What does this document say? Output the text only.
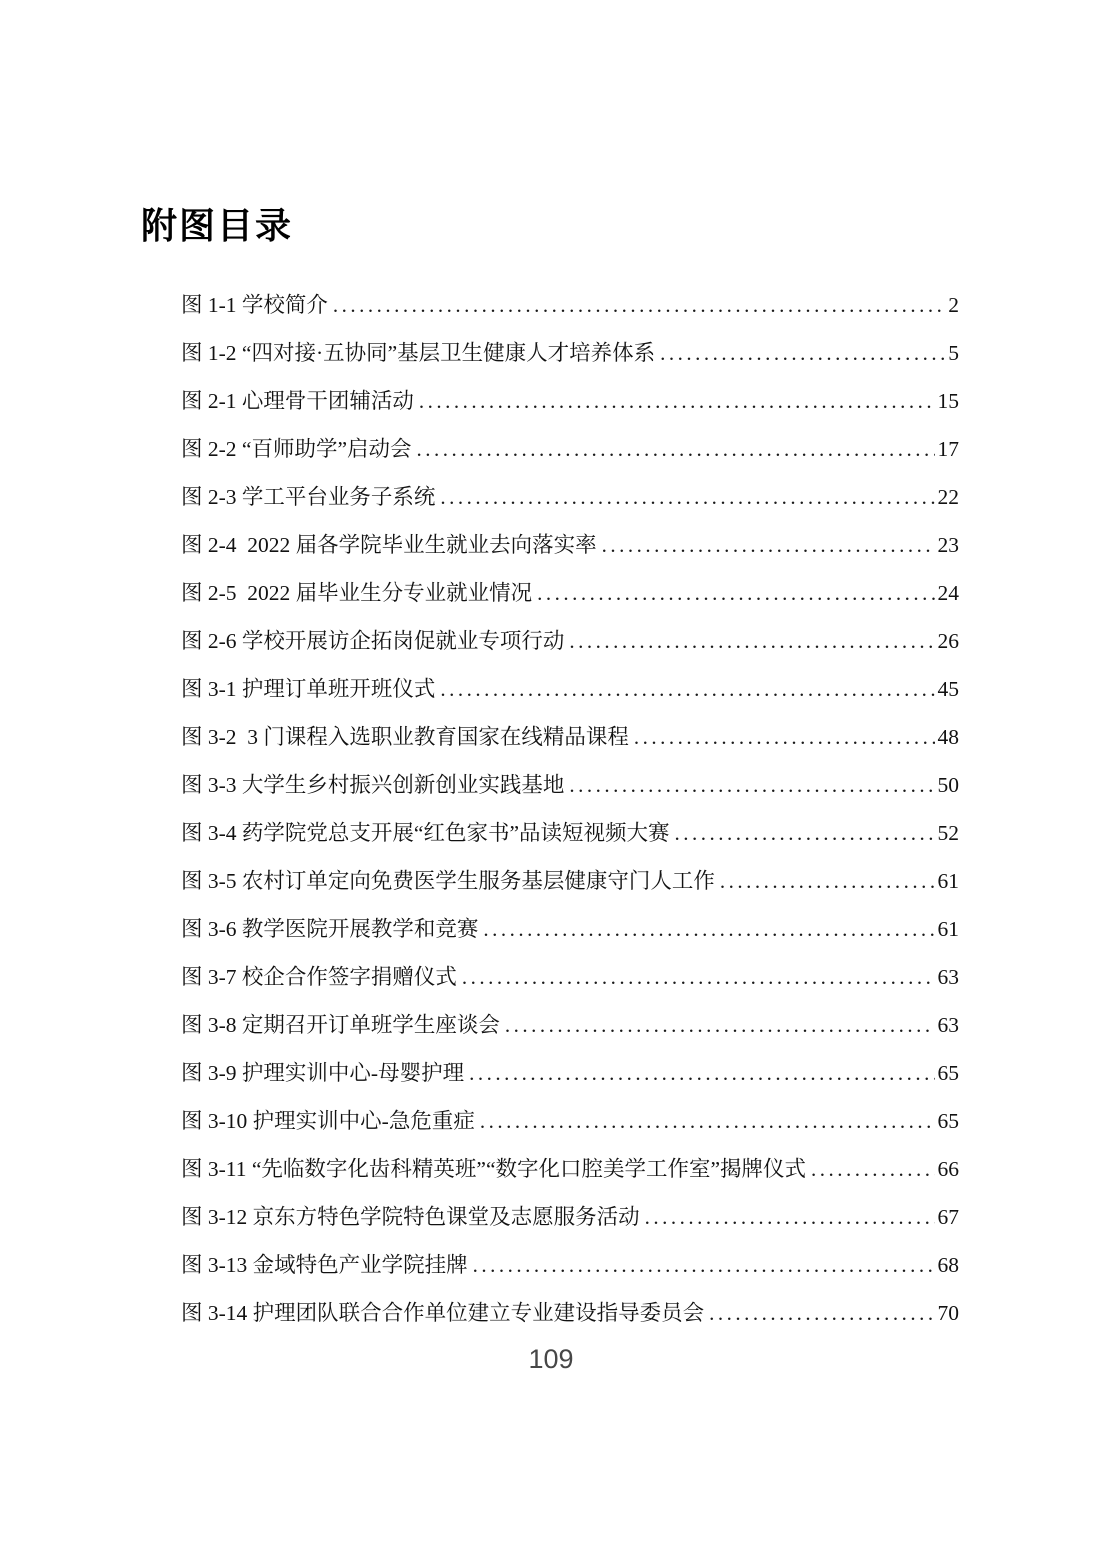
附图目录
图 1-1 学校简介 .....	2
图 1-2 “四对接·五协同”基层卫生健康人才培养体系 .....	5
图 2-1 心理骨干团辅活动 .....	15
图 2-2 “百师助学”启动会 .....	17
图 2-3 学工平台业务子系统 .....	22
图 2-4  2022 届各学院毕业生就业去向落实率 .....	23
图 2-5  2022 届毕业生分专业就业情况 .....	24
图 2-6 学校开展访企拓岗促就业专项行动 .....	26
图 3-1 护理订单班开班仪式 .....	45
图 3-2  3 门课程入选职业教育国家在线精品课程 .....	48
图 3-3 大学生乡村振兴创新创业实践基地 .....	50
图 3-4 药学院党总支开展“红色家书”品读短视频大赛 .....	52
图 3-5 农村订单定向免费医学生服务基层健康守门人工作 .....	61
图 3-6 教学医院开展教学和竞赛 .....	61
图 3-7 校企合作签字捐赠仪式 .....	63
图 3-8 定期召开订单班学生座谈会 .....	63
图 3-9 护理实训中心-母婴护理 .....	65
图 3-10 护理实训中心-急危重症 .....	65
图 3-11 “先临数字化齿科精英班”“数字化口腔美学工作室”揭牌仪式 .....	66
图 3-12 京东方特色学院特色课堂及志愿服务活动 .....	67
图 3-13 金域特色产业学院挂牌 .....	68
图 3-14 护理团队联合合作单位建立专业建设指导委员会 .....	70
109
